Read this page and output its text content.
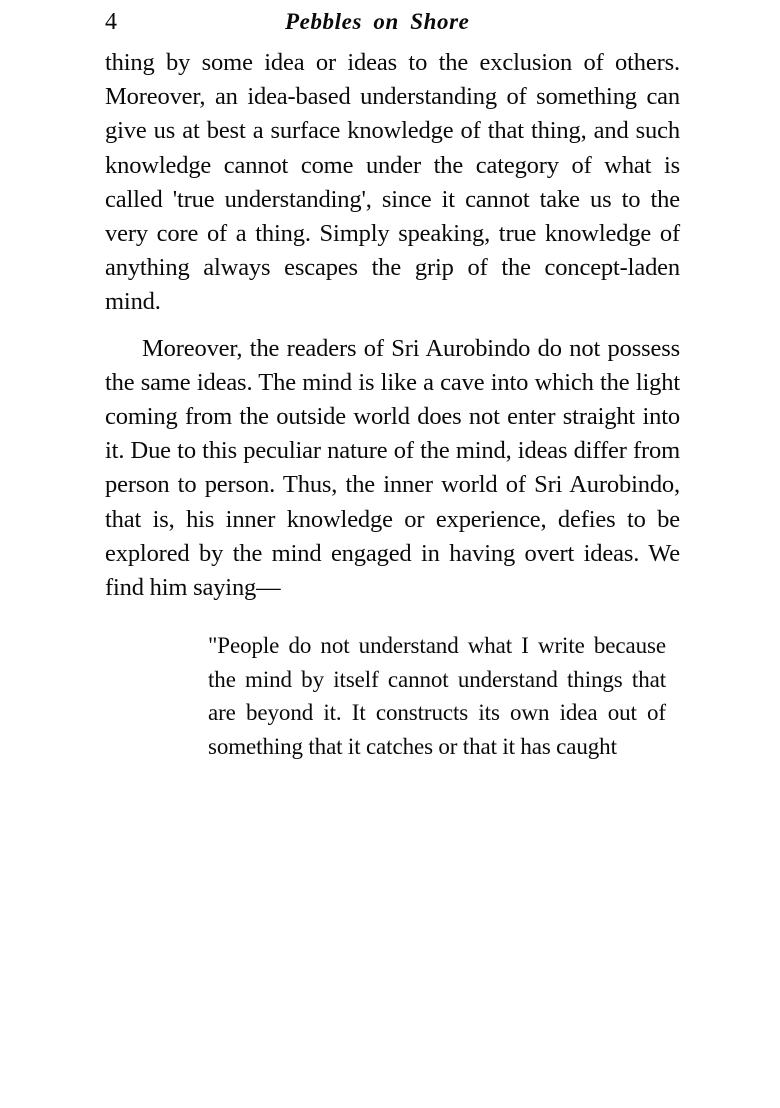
4	Pebbles on Shore

thing by some idea or ideas to the exclusion of others. Moreover, an idea-based understanding of something can give us at best a surface knowledge of that thing, and such knowledge cannot come under the category of what is called 'true understanding', since it cannot take us to the very core of a thing. Simply speaking, true knowledge of anything always escapes the grip of the concept-laden mind.

Moreover, the readers of Sri Aurobindo do not possess the same ideas. The mind is like a cave into which the light coming from the outside world does not enter straight into it. Due to this peculiar nature of the mind, ideas differ from person to person. Thus, the inner world of Sri Aurobindo, that is, his inner knowledge or experience, defies to be explored by the mind engaged in having overt ideas. We find him saying—

"People do not understand what I write because the mind by itself cannot understand things that are beyond it. It constructs its own idea out of something that it catches or that it has caught
